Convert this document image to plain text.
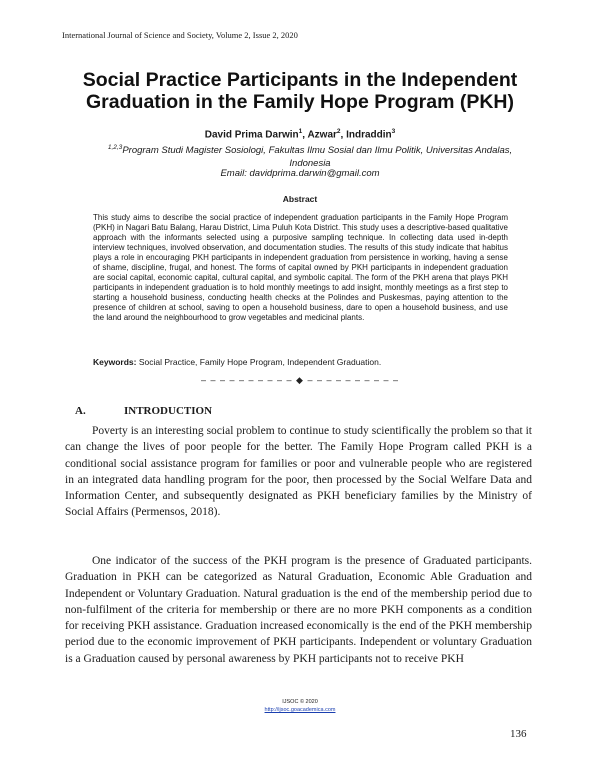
International Journal of Science and Society, Volume 2, Issue 2, 2020
Social Practice Participants in the Independent Graduation in the Family Hope Program (PKH)
David Prima Darwin$^1$, Azwar$^2$, Indraddin$^3$
$^{1,2,3}$Program Studi Magister Sosiologi, Fakultas Ilmu Sosial dan Ilmu Politik, Universitas Andalas, Indonesia
Email: davidprima.darwin@gmail.com
Abstract

This study aims to describe the social practice of independent graduation participants in the Family Hope Program (PKH) in Nagari Batu Balang, Harau District, Lima Puluh Kota District. This study uses a descriptive-based qualitative approach with the informants selected using a purposive sampling technique. In collecting data used in-depth interview techniques, involved observation, and documentation studies. The results of this study indicate that habitus plays a role in encouraging PKH participants in independent graduation from persistence in working, having a sense of shame, discipline, frugal, and honest. The forms of capital owned by PKH participants in independent graduation are social capital, economic capital, cultural capital, and symbolic capital. The form of the PKH arena that plays PKH participants in independent graduation is to hold monthly meetings to add insight, monthly meetings as a first step to starting a household business, conducting health checks at the Polindes and Puskesmas, paying attention to the presence of children at school, saving to open a household business, dare to open a household business, and use the land around the neighbourhood to grow vegetables and medicinal plants.

Keywords: Social Practice, Family Hope Program, Independent Graduation.
– – – – – – – – – – ◆ – – – – – – – – – –
A.	INTRODUCTION

Poverty is an interesting social problem to continue to study scientifically the problem so that it can change the lives of poor people for the better. The Family Hope Program called PKH is a conditional social assistance program for families or poor and vulnerable people who are registered in an integrated data handling program for the poor, then processed by the Social Welfare Data and Information Center, and subsequently designated as PKH beneficiary families by the Ministry of Social Affairs (Permensos, 2018).

One indicator of the success of the PKH program is the presence of Graduated participants. Graduation in PKH can be categorized as Natural Graduation, Economic Able Graduation and Independent or Voluntary Graduation. Natural graduation is the end of the membership period due to non-fulfilment of the criteria for membership or there are no more PKH components as a condition for receiving PKH assistance. Graduation increased economically is the end of the PKH membership period due to the economic improvement of PKH participants. Independent or voluntary Graduation is a Graduation caused by personal awareness by PKH participants not to receive PKH

IJSOC © 2020
http://ijsoc.goacademica.com
136
